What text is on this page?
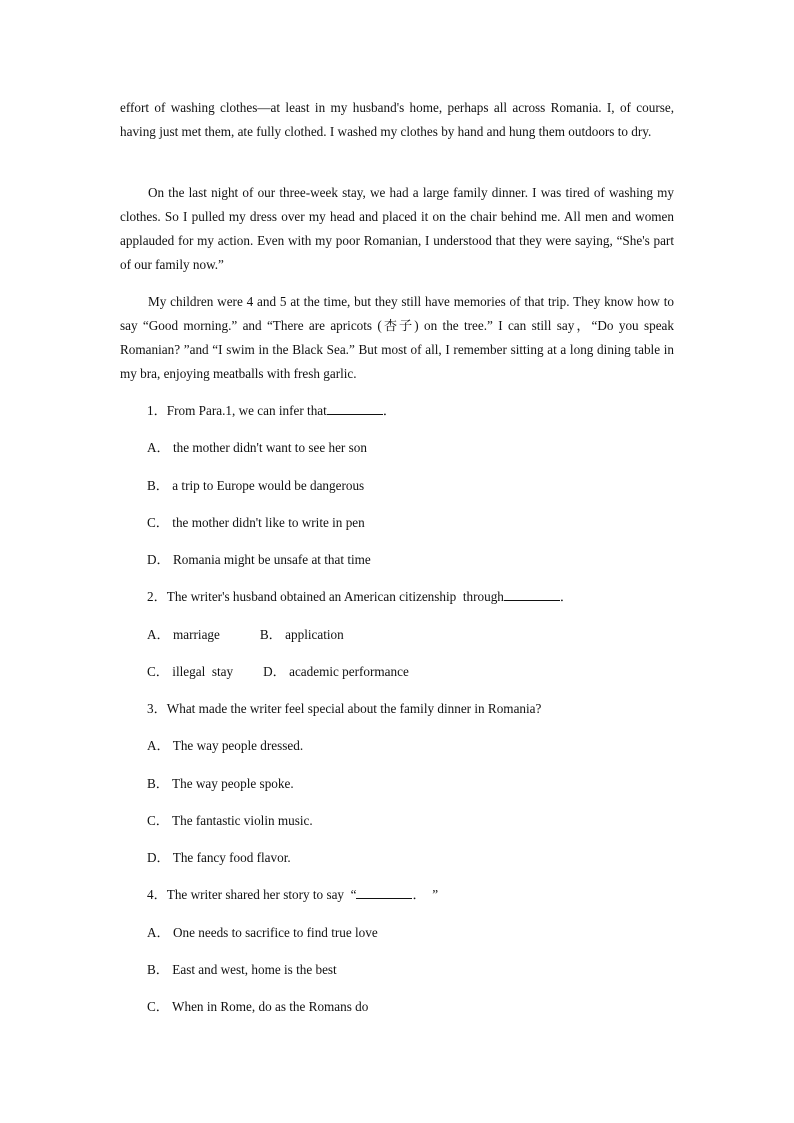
effort of washing clothes—at least in my husband's home, perhaps all across Romania. I, of course, having just met them, ate fully clothed. I washed my clothes by hand and hung them outdoors to dry.

On the last night of our three-week stay, we had a large family dinner. I was tired of washing my clothes. So I pulled my dress over my head and placed it on the chair behind me. All men and women applauded for my action. Even with my poor Romanian, I understood that they were saying, “She's part of our family now.”

My children were 4 and 5 at the time, but they still have memories of that trip. They know how to say “Good morning.” and “There are apricots (杏子) on the tree.” I can still say，“Do you speak Romanian? ”and “I swim in the Black Sea.” But most of all, I remember sitting at a long dining table in my bra, enjoying meatballs with fresh garlic.

1．From Para.1, we can infer that	．

A． the mother didn't want to see her son

B． a trip to Europe would be dangerous

C． the mother didn't like to write in pen

D． Romania might be unsafe at that time

2．The writer's husband obtained an American citizenship  through	．

A． marriage	B． application

C． illegal  stay D． academic performance

3．What made the writer feel special about the family dinner in Romania?

A． The way people dressed.

B． The way people spoke.

C． The fantastic violin music.

D． The fancy food flavor.

4．The writer shared her story to say  “	．  ”

A． One needs to sacrifice to find true love

B． East and west, home is the best

C． When in Rome, do as the Romans do
